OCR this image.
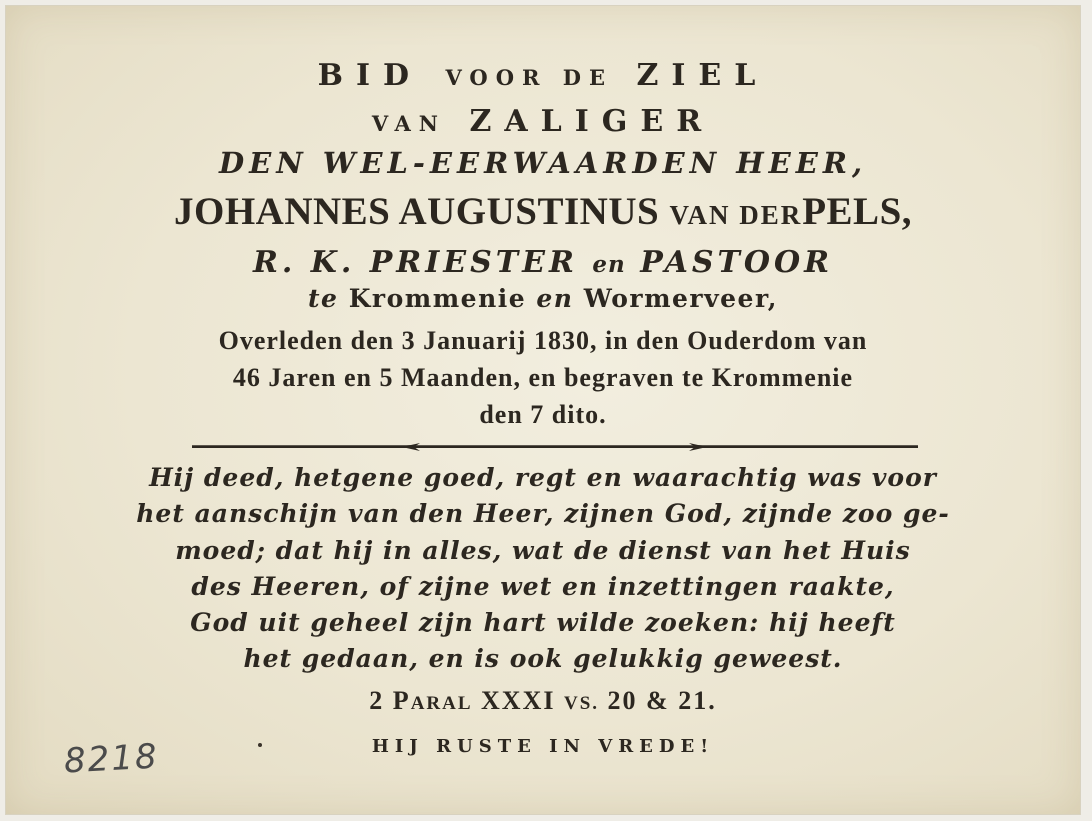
BID VOOR DE ZIEL
VAN ZALIGER
DEN WEL-EERWAARDEN HEER,
JOHANNES AUGUSTINUS VAN DERPELS,
R. K. PRIESTER en PASTOOR
te Krommenie en Wormerveer,
Overleden den 3 Januarij 1830, in den Ouderdom van
46 Jaren en 5 Maanden, en begraven te Krommenie
den 7 dito.
Hij deed, hetgene goed, regt en waarachtig was voor
het aanschijn van den Heer, zijnen God, zijnde zoo ge-
moed; dat hij in alles, wat de dienst van het Huis
des Heeren, of zijne wet en inzettingen raakte,
God uit geheel zijn hart wilde zoeken: hij heeft
het gedaan, en is ook gelukkig geweest.
2 PARAL XXXI VS. 20 & 21.
HIJ RUSTE IN VREDE!
8218
